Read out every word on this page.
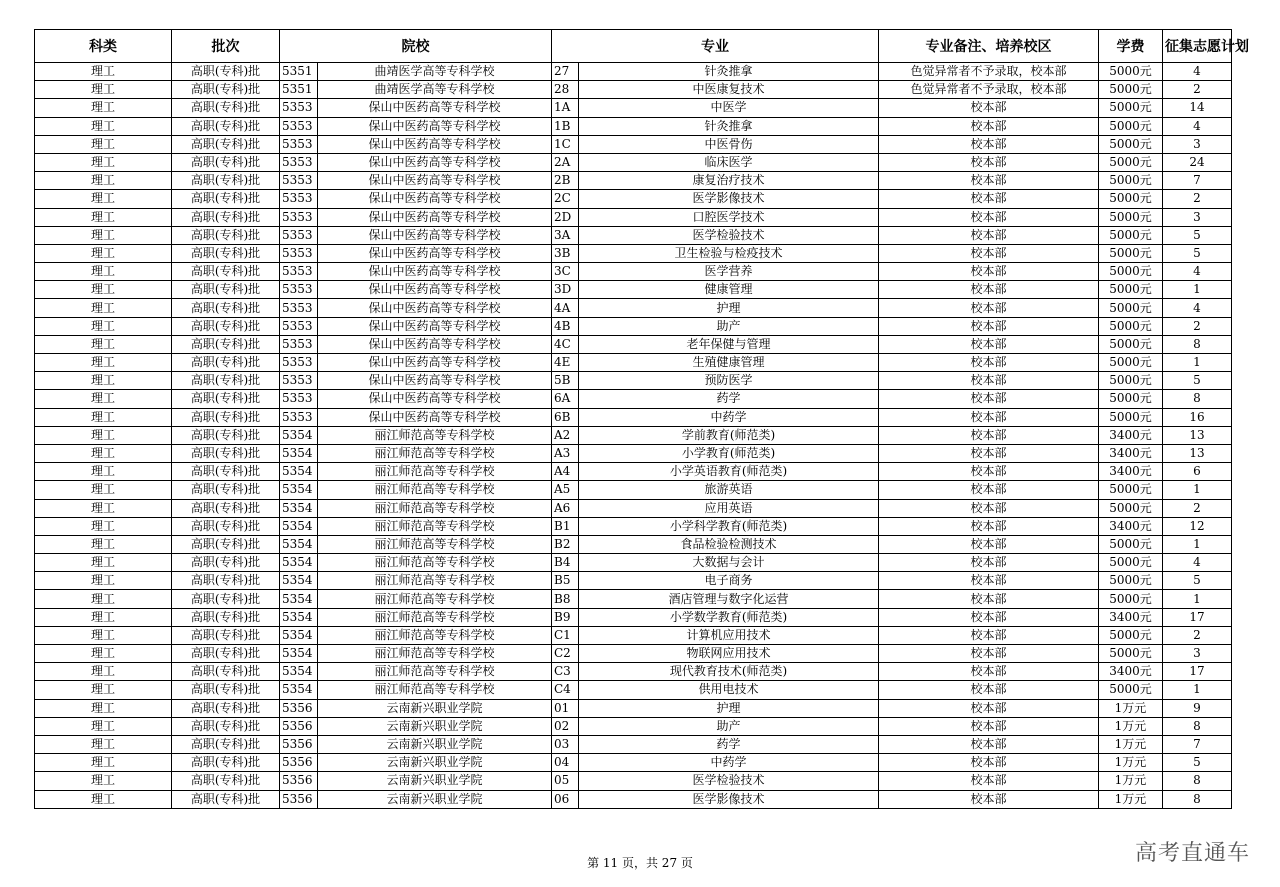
科类	批次	院校		专业		专业备注、培养校区	学费	征集志愿计划
理工	高职(专科)批	5351	曲靖医学高等专科学校	27	针灸推拿	色觉异常者不予录取，校本部	5000元	4
理工	高职(专科)批	5351	曲靖医学高等专科学校	28	中医康复技术	色觉异常者不予录取，校本部	5000元	2
理工	高职(专科)批	5353	保山中医药高等专科学校	1A	中医学	校本部	5000元	14
理工	高职(专科)批	5353	保山中医药高等专科学校	1B	针灸推拿	校本部	5000元	4
理工	高职(专科)批	5353	保山中医药高等专科学校	1C	中医骨伤	校本部	5000元	3
理工	高职(专科)批	5353	保山中医药高等专科学校	2A	临床医学	校本部	5000元	24
理工	高职(专科)批	5353	保山中医药高等专科学校	2B	康复治疗技术	校本部	5000元	7
理工	高职(专科)批	5353	保山中医药高等专科学校	2C	医学影像技术	校本部	5000元	2
理工	高职(专科)批	5353	保山中医药高等专科学校	2D	口腔医学技术	校本部	5000元	3
理工	高职(专科)批	5353	保山中医药高等专科学校	3A	医学检验技术	校本部	5000元	5
理工	高职(专科)批	5353	保山中医药高等专科学校	3B	卫生检验与检疫技术	校本部	5000元	5
理工	高职(专科)批	5353	保山中医药高等专科学校	3C	医学营养	校本部	5000元	4
理工	高职(专科)批	5353	保山中医药高等专科学校	3D	健康管理	校本部	5000元	1
理工	高职(专科)批	5353	保山中医药高等专科学校	4A	护理	校本部	5000元	4
理工	高职(专科)批	5353	保山中医药高等专科学校	4B	助产	校本部	5000元	2
理工	高职(专科)批	5353	保山中医药高等专科学校	4C	老年保健与管理	校本部	5000元	8
理工	高职(专科)批	5353	保山中医药高等专科学校	4E	生殖健康管理	校本部	5000元	1
理工	高职(专科)批	5353	保山中医药高等专科学校	5B	预防医学	校本部	5000元	5
理工	高职(专科)批	5353	保山中医药高等专科学校	6A	药学	校本部	5000元	8
理工	高职(专科)批	5353	保山中医药高等专科学校	6B	中药学	校本部	5000元	16
理工	高职(专科)批	5354	丽江师范高等专科学校	A2	学前教育(师范类)	校本部	3400元	13
理工	高职(专科)批	5354	丽江师范高等专科学校	A3	小学教育(师范类)	校本部	3400元	13
理工	高职(专科)批	5354	丽江师范高等专科学校	A4	小学英语教育(师范类)	校本部	3400元	6
理工	高职(专科)批	5354	丽江师范高等专科学校	A5	旅游英语	校本部	5000元	1
理工	高职(专科)批	5354	丽江师范高等专科学校	A6	应用英语	校本部	5000元	2
理工	高职(专科)批	5354	丽江师范高等专科学校	B1	小学科学教育(师范类)	校本部	3400元	12
理工	高职(专科)批	5354	丽江师范高等专科学校	B2	食品检验检测技术	校本部	5000元	1
理工	高职(专科)批	5354	丽江师范高等专科学校	B4	大数据与会计	校本部	5000元	4
理工	高职(专科)批	5354	丽江师范高等专科学校	B5	电子商务	校本部	5000元	5
理工	高职(专科)批	5354	丽江师范高等专科学校	B8	酒店管理与数字化运营	校本部	5000元	1
理工	高职(专科)批	5354	丽江师范高等专科学校	B9	小学数学教育(师范类)	校本部	3400元	17
理工	高职(专科)批	5354	丽江师范高等专科学校	C1	计算机应用技术	校本部	5000元	2
理工	高职(专科)批	5354	丽江师范高等专科学校	C2	物联网应用技术	校本部	5000元	3
理工	高职(专科)批	5354	丽江师范高等专科学校	C3	现代教育技术(师范类)	校本部	3400元	17
理工	高职(专科)批	5354	丽江师范高等专科学校	C4	供用电技术	校本部	5000元	1
理工	高职(专科)批	5356	云南新兴职业学院	01	护理	校本部	1万元	9
理工	高职(专科)批	5356	云南新兴职业学院	02	助产	校本部	1万元	8
理工	高职(专科)批	5356	云南新兴职业学院	03	药学	校本部	1万元	7
理工	高职(专科)批	5356	云南新兴职业学院	04	中药学	校本部	1万元	5
理工	高职(专科)批	5356	云南新兴职业学院	05	医学检验技术	校本部	1万元	8
理工	高职(专科)批	5356	云南新兴职业学院	06	医学影像技术	校本部	1万元	8
第 11 页，共 27 页	高考直通车
